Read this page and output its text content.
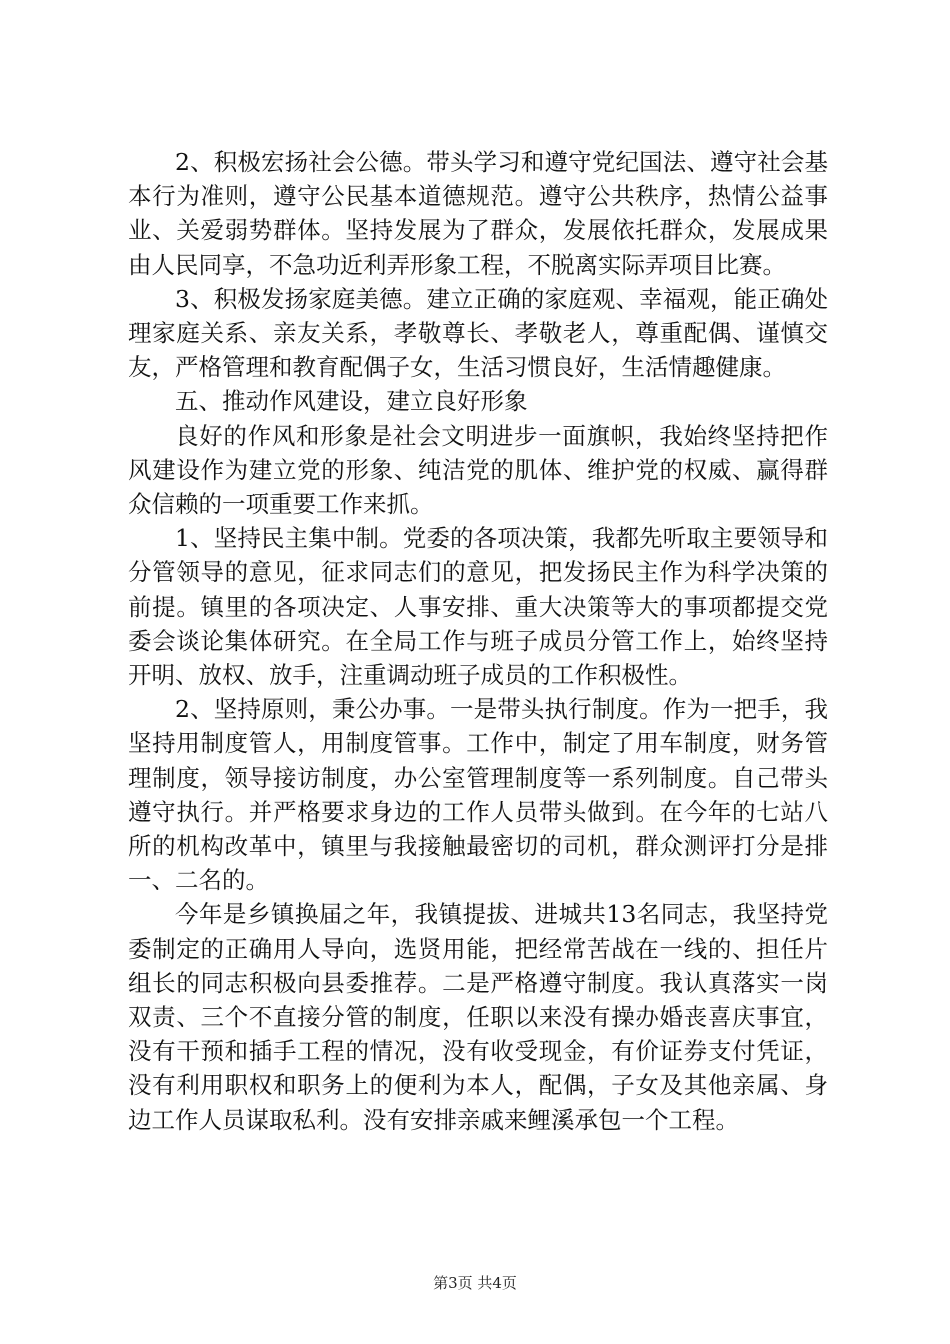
2、积极宏扬社会公德。带头学习和遵守党纪国法、遵守社会基本行为准则，遵守公民基本道德规范。遵守公共秩序，热情公益事业、关爱弱势群体。坚持发展为了群众，发展依托群众，发展成果由人民同享，不急功近利弄形象工程，不脱离实际弄项目比赛。

3、积极发扬家庭美德。建立正确的家庭观、幸福观，能正确处理家庭关系、亲友关系，孝敬尊长、孝敬老人，尊重配偶、谨慎交友，严格管理和教育配偶子女，生活习惯良好，生活情趣健康。

五、推动作风建设，建立良好形象

良好的作风和形象是社会文明进步一面旗帜，我始终坚持把作风建设作为建立党的形象、纯洁党的肌体、维护党的权威、赢得群众信赖的一项重要工作来抓。

1、坚持民主集中制。党委的各项决策，我都先听取主要领导和分管领导的意见，征求同志们的意见，把发扬民主作为科学决策的前提。镇里的各项决定、人事安排、重大决策等大的事项都提交党委会谈论集体研究。在全局工作与班子成员分管工作上，始终坚持开明、放权、放手，注重调动班子成员的工作积极性。

2、坚持原则，秉公办事。一是带头执行制度。作为一把手，我坚持用制度管人，用制度管事。工作中，制定了用车制度，财务管理制度，领导接访制度，办公室管理制度等一系列制度。自己带头遵守执行。并严格要求身边的工作人员带头做到。在今年的七站八所的机构改革中，镇里与我接触最密切的司机，群众测评打分是排一、二名的。

今年是乡镇换届之年，我镇提拔、进城共13名同志，我坚持党委制定的正确用人导向，选贤用能，把经常苦战在一线的、担任片组长的同志积极向县委推荐。二是严格遵守制度。我认真落实一岗双责、三个不直接分管的制度，任职以来没有操办婚丧喜庆事宜，没有干预和插手工程的情况，没有收受现金，有价证券支付凭证，没有利用职权和职务上的便利为本人，配偶，子女及其他亲属、身边工作人员谋取私利。没有安排亲戚来鲤溪承包一个工程。

第3页 共4页
